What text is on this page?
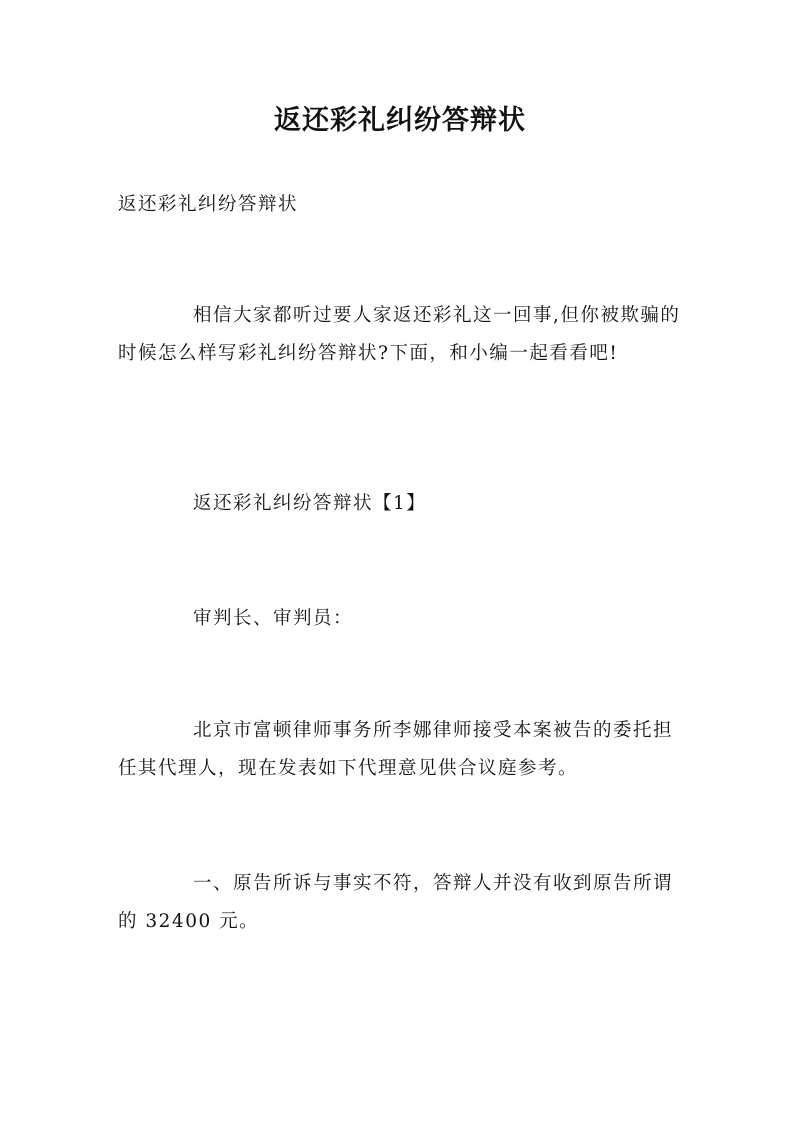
返还彩礼纠纷答辩状

返还彩礼纠纷答辩状

相信大家都听过要人家返还彩礼这一回事,但你被欺骗的时候怎么样写彩礼纠纷答辩状?下面，和小编一起看看吧!

返还彩礼纠纷答辩状【1】

审判长、审判员：

北京市富顿律师事务所李娜律师接受本案被告的委托担任其代理人，现在发表如下代理意见供合议庭参考。

一、原告所诉与事实不符，答辩人并没有收到原告所谓的 32400 元。
